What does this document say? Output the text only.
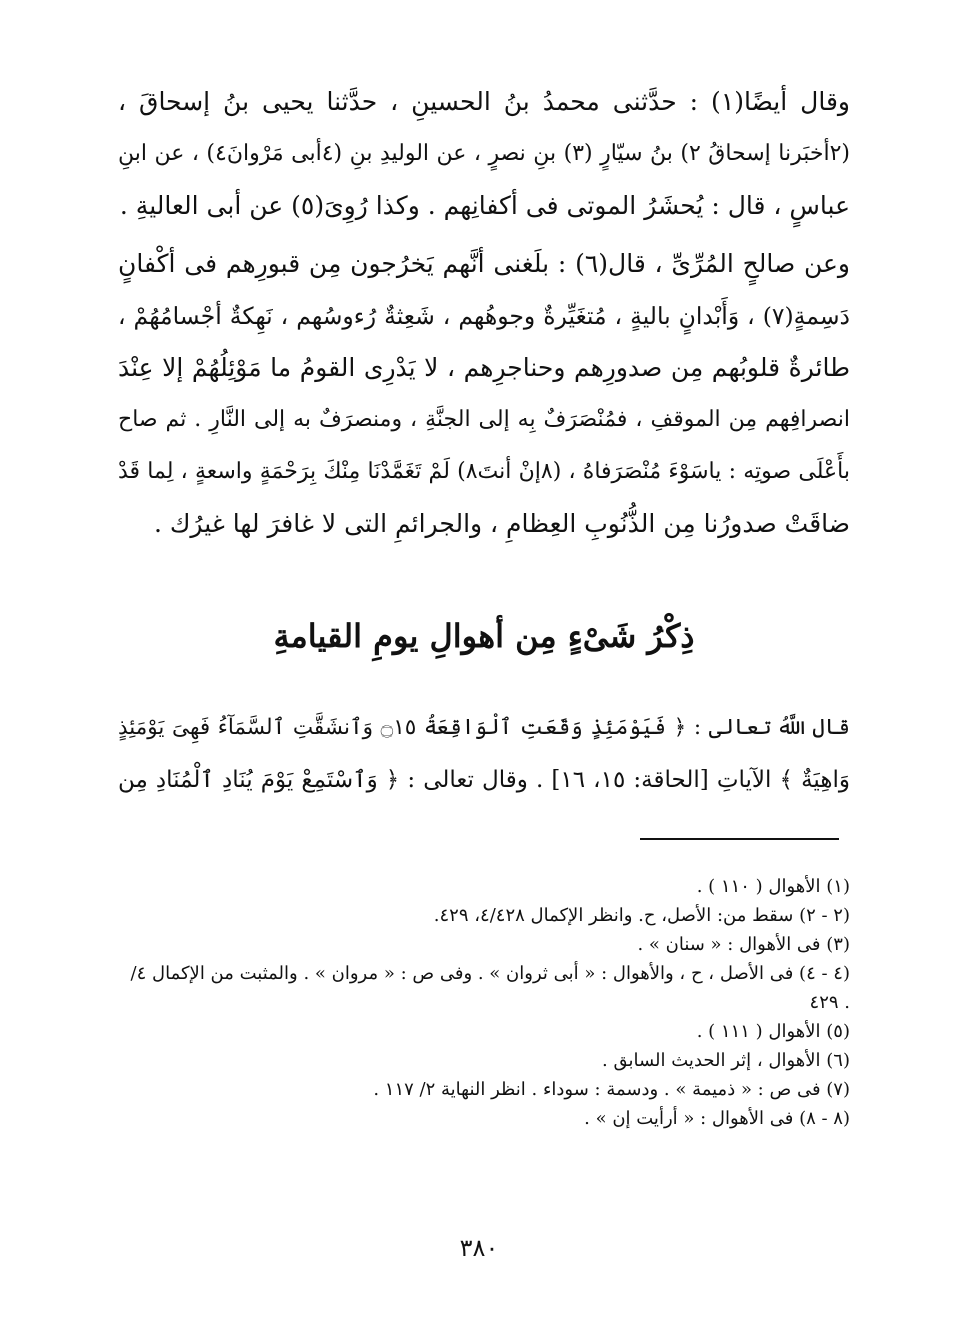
وقال أيضًا(١) : حدَّثنى محمدُ بنُ الحسينِ ، حدَّثنا يحيى بنُ إسحاقَ ،
(٢أخبَرنا إسحاقُ ٢) بنُ سيّارٍ (٣) بنِ نصرٍ ، عن الوليدِ بنِ (٤أبى مَرْوانَ٤) ، عن ابنِ
عباسٍ ، قال : يُحشَرُ الموتى فى أكفانِهم . وكذا رُوِىَ(٥) عن أبى العاليةِ .
وعن صالحٍ المُرِّىِّ ، قال(٦) : بلَغنى أنَّهم يَخرُجون مِن قبورِهم فى أكْفانٍ
دَسِمةٍ(٧) ، وَأَبْدانٍ باليةٍ ، مُتغَيِّرةٌ وجوهُهم ، شَعِثةٌ رُءوسُهم ، نَهِكةٌ أجْسامُهُمْ ،
طائرةٌ قلوبُهم مِن صدورِهم وحناجرِهم ، لا يَدْرِى القومُ ما مَوْئِلُهُمْ إلا عِنْدَ
انصرافِهم مِن الموقفِ ، فمُنْصَرَفٌ بِه إلى الجنَّةِ ، ومنصرَفٌ به إلى النَّارِ . ثم صاح
بأَعْلَى صوتِه : ياسَوْءَ مُنْصَرَفاهُ ، (٨إنْ أنتَ٨) لَمْ تَغَمَّدْنَا مِنْكَ بِرَحْمَةٍ واسعةٍ ، لِما قَدْ
ضاقَتْ صدورُنا مِن الذُّنُوبِ العِظامِ ، والجرائمِ التى لا غافرَ لها غيرُك .
ذِكْرُ شَىْءٍ مِن أهوالِ يومِ القيامةِ
قال اللَّهُ تعالى : ﴿ فَيَوْمَئِذٍ وَقَعَتِ ٱلْوَاقِعَةُ ۝١٥ وَٱنشَقَّتِ ٱلسَّمَآءُ فَهِىَ يَوْمَئِذٍ
وَاهِيَةٌ ﴾ الآياتِ [الحاقة: ١٥، ١٦] . وقال تعالى : ﴿ وَٱسْتَمِعْ يَوْمَ يُنَادِ ٱلْمُنَادِ مِن
(١) الأهوال ( ١١٠ ) .
(٢ - ٢) سقط من: الأصل، ح. وانظر الإكمال ٤/٤٢٨، ٤٢٩.
(٣) فى الأهوال : « سنان » .
(٤ - ٤) فى الأصل ، ح ، والأهوال : « أبى ثروان » . وفى ص : « مروان » . والمثبت من الإكمال ٤/
٤٢٩ .
(٥) الأهوال ( ١١١ ) .
(٦) الأهوال ، إثر الحديث السابق .
(٧) فى ص : « ذميمة » . ودسمة : سوداء . انظر النهاية ٢/ ١١٧ .
(٨ - ٨) فى الأهوال : « أرأيت إن » .
٣٨٠
